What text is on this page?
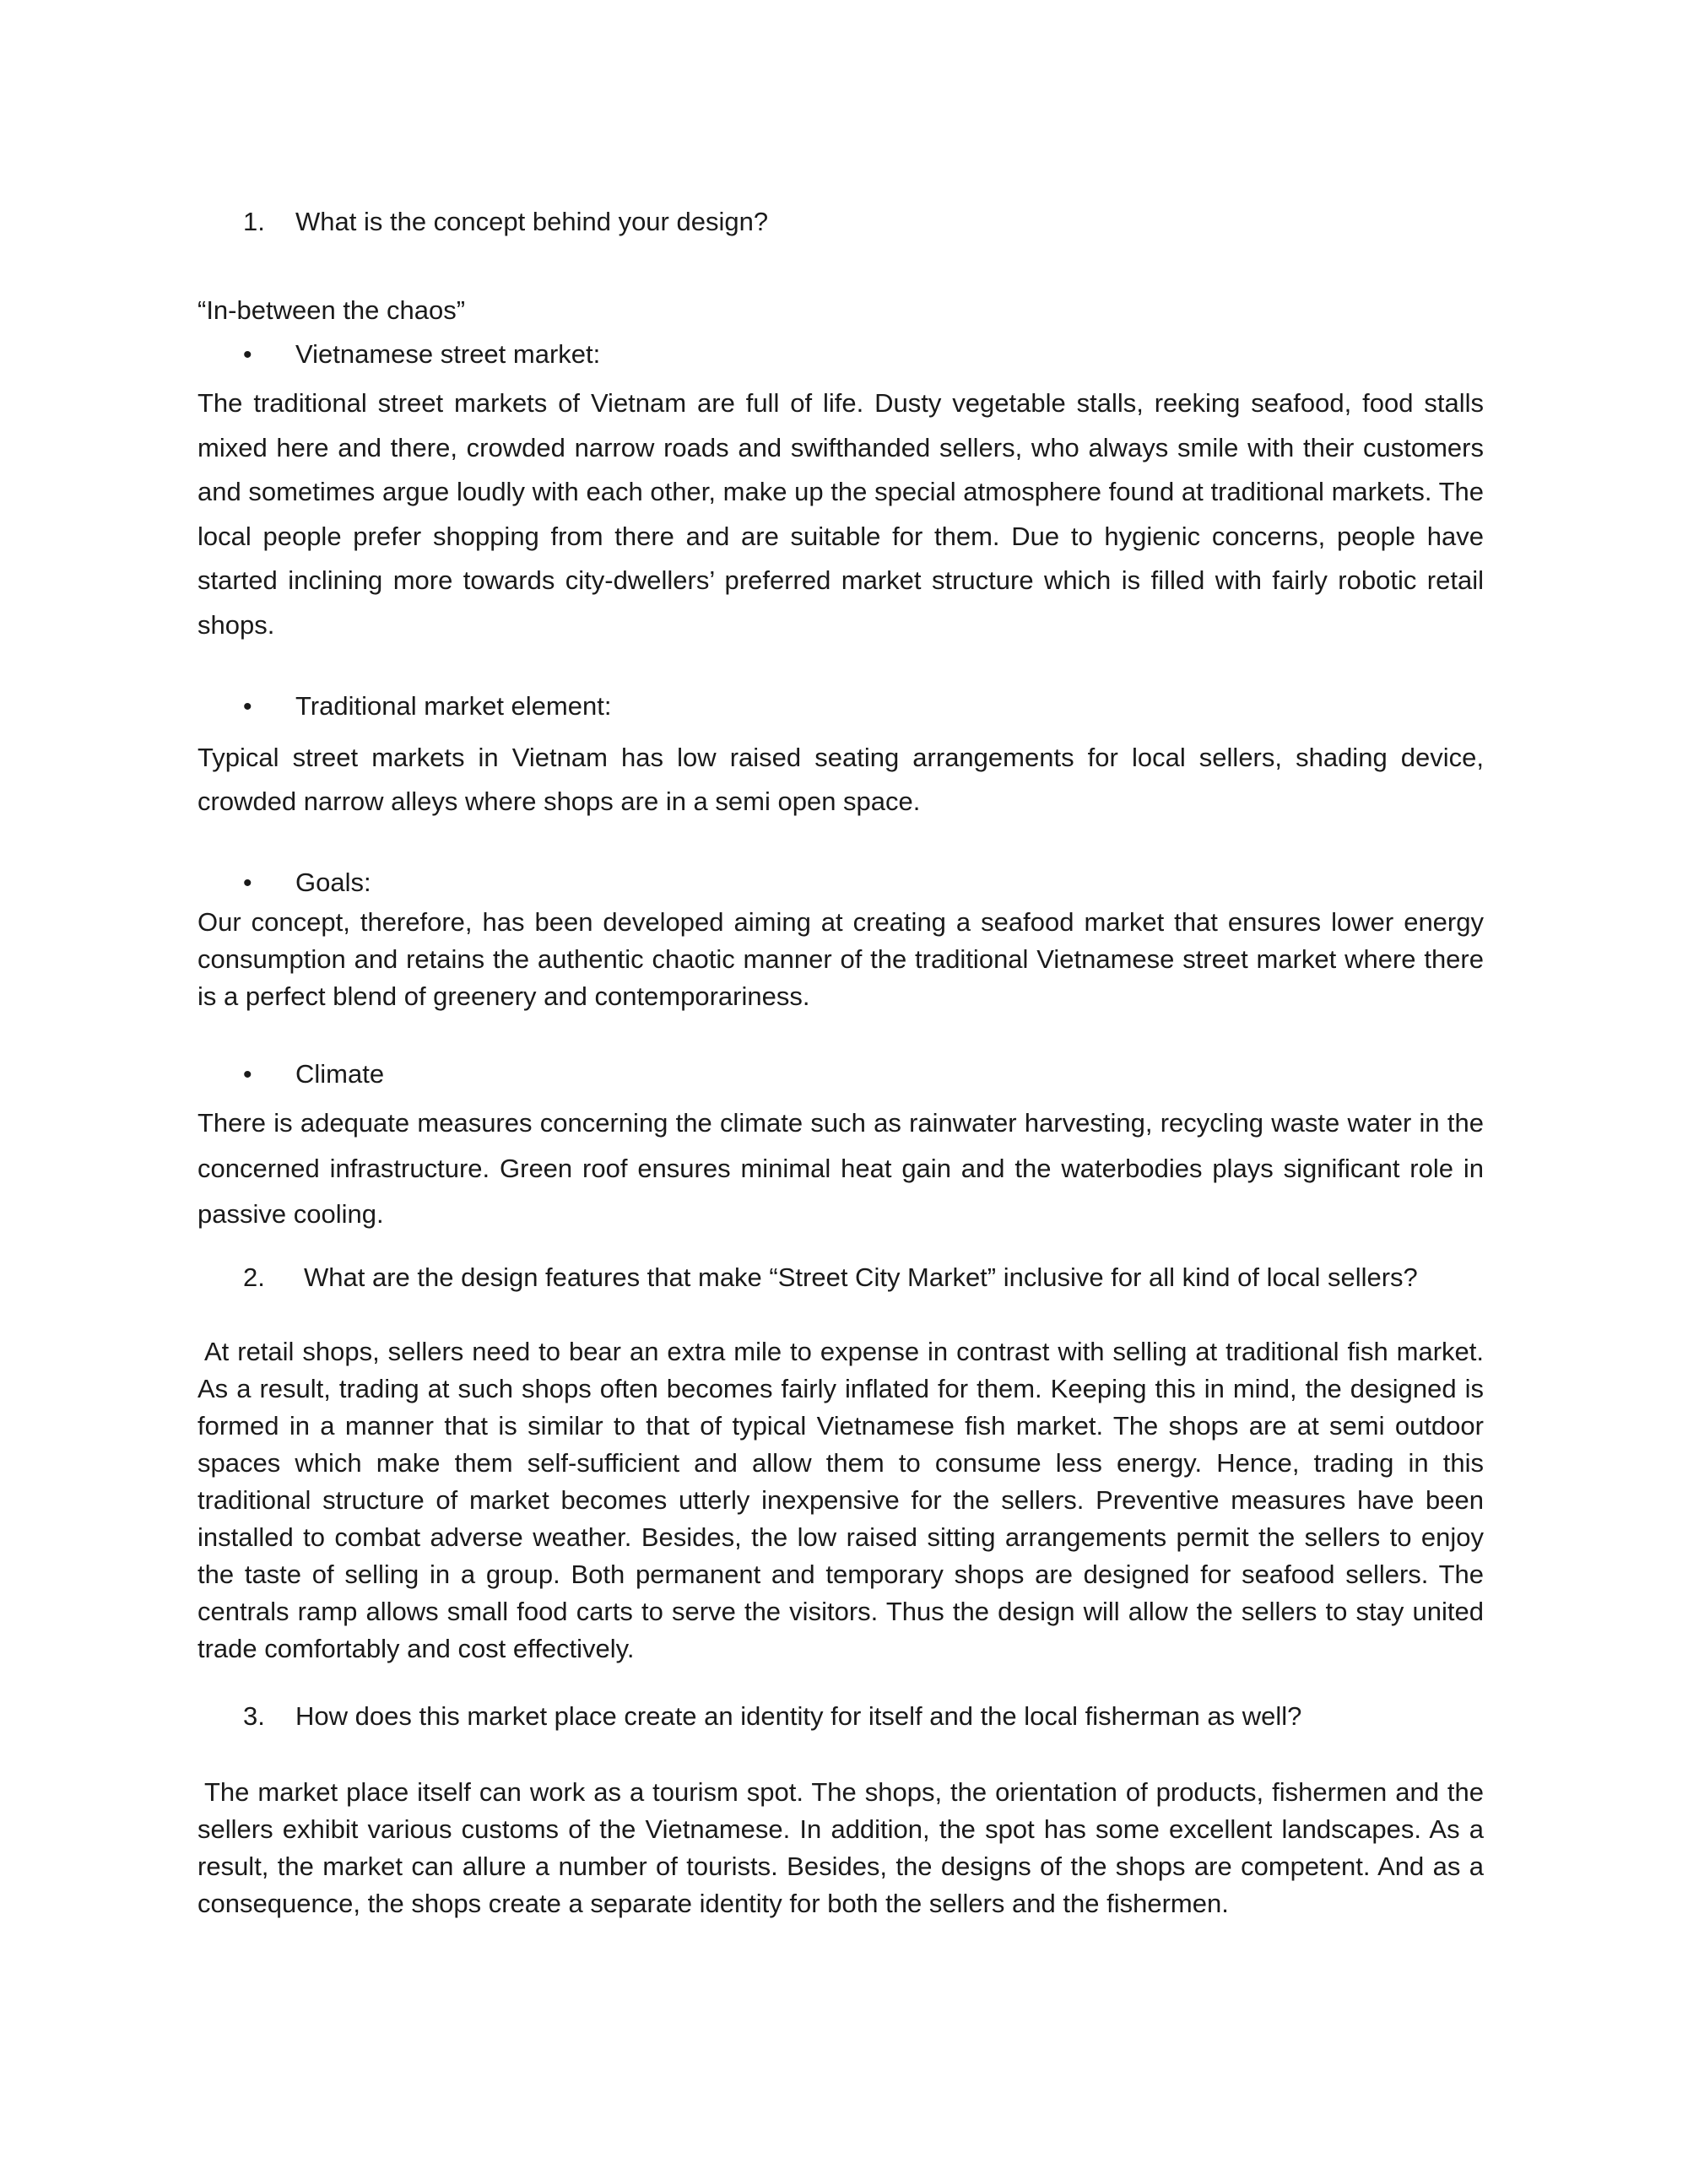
1. What is the concept behind your design?
“In-between the chaos”
• Vietnamese street market:

The traditional street markets of Vietnam are full of life. Dusty vegetable stalls, reeking seafood, food stalls mixed here and there, crowded narrow roads and swifthanded sellers, who always smile with their customers and sometimes argue loudly with each other, make up the special atmosphere found at traditional markets. The local people prefer shopping from there and are suitable for them. Due to hygienic concerns, people have started inclining more towards city-dwellers’ preferred market structure which is filled with fairly robotic retail shops.

• Traditional market element:

Typical street markets in Vietnam has low raised seating arrangements for local sellers, shading device, crowded narrow alleys where shops are in a semi open space.

• Goals:

Our concept, therefore, has been developed aiming at creating a seafood market that ensures lower energy consumption and retains the authentic chaotic manner of the traditional Vietnamese street market where there is a perfect blend of greenery and contemporariness.

• Climate

There is adequate measures concerning the climate such as rainwater harvesting, recycling waste water in the concerned infrastructure. Green roof ensures minimal heat gain and the waterbodies plays significant role in passive cooling.

2. What are the design features that make “Street City Market” inclusive for all kind of local sellers?

At retail shops, sellers need to bear an extra mile to expense in contrast with selling at traditional fish market. As a result, trading at such shops often becomes fairly inflated for them. Keeping this in mind, the designed is formed in a manner that is similar to that of typical Vietnamese fish market. The shops are at semi outdoor spaces which make them self-sufficient and allow them to consume less energy. Hence, trading in this traditional structure of market becomes utterly inexpensive for the sellers. Preventive measures have been installed to combat adverse weather. Besides, the low raised sitting arrangements permit the sellers to enjoy the taste of selling in a group. Both permanent and temporary shops are designed for seafood sellers. The centrals ramp allows small food carts to serve the visitors. Thus the design will allow the sellers to stay united trade comfortably and cost effectively.

3. How does this market place create an identity for itself and the local fisherman as well?

The market place itself can work as a tourism spot. The shops, the orientation of products, fishermen and the sellers exhibit various customs of the Vietnamese. In addition, the spot has some excellent landscapes. As a result, the market can allure a number of tourists. Besides, the designs of the shops are competent. And as a consequence, the shops create a separate identity for both the sellers and the fishermen.
